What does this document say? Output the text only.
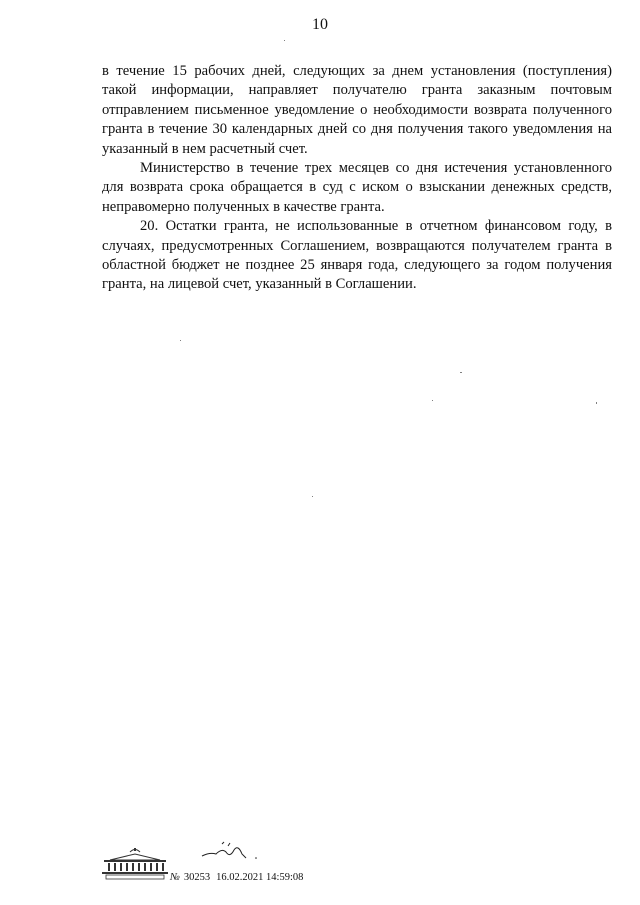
10

в течение 15 рабочих дней, следующих за днем установления (поступления) такой информации, направляет получателю гранта заказным почтовым отправлением письменное уведомление о необходимости возврата полученного гранта в течение 30 календарных дней со дня получения такого уведомления на указанный в нем расчетный счет.

Министерство в течение трех месяцев со дня истечения установленного для возврата срока обращается в суд с иском о взыскании денежных средств, неправомерно полученных в качестве гранта.

20. Остатки гранта, не использованные в отчетном финансовом году, в случаях, предусмотренных Соглашением, возвращаются получателем гранта в областной бюджет не позднее 25 января года, следующего за годом получения гранта, на лицевой счет, указанный в Соглашении.

№ 30253 16.02.2021 14:59:08
